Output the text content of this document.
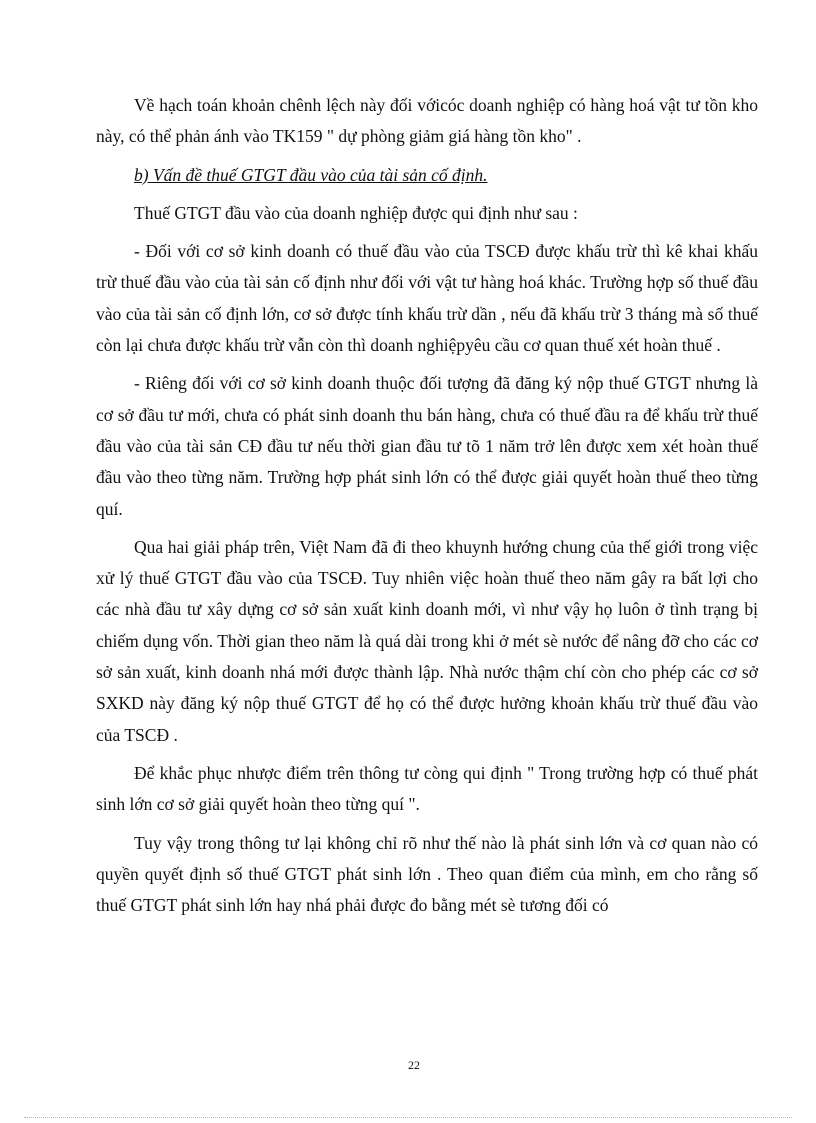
Về hạch toán khoản chênh lệch này đối vớicóc doanh nghiệp có hàng hoá vật tư tồn kho này, có thể phản ánh vào TK159 " dự phòng giảm giá hàng tồn kho" .

b) Vấn đề thuế GTGT đầu vào của tài sản cố định.

Thuế GTGT đầu vào của doanh nghiệp được qui định như sau :

- Đối với cơ sở kinh doanh có thuế đầu vào của TSCĐ được khấu trừ thì kê khai khấu trừ thuế đầu vào của tài sản cố định như đối với vật tư hàng hoá khác. Trường hợp số thuế đầu vào của tài sản cố định lớn, cơ sở được tính khấu trừ dần , nếu đã khấu trừ 3 tháng mà số thuế còn lại chưa được khấu trừ vẫn còn thì doanh nghiệpyêu cầu cơ quan thuế xét hoàn thuế .

- Riêng đối với cơ sở kinh doanh thuộc đối tượng đã đăng ký nộp thuế GTGT nhưng là cơ sở đầu tư mới, chưa có phát sinh doanh thu bán hàng, chưa có thuế đầu ra để khấu trừ thuế đầu vào của tài sản CĐ đầu tư nếu thời gian đầu tư tõ 1 năm trở lên được xem xét hoàn thuế đầu vào theo từng năm. Trường hợp phát sinh lớn có thể được giải quyết hoàn thuế theo từng quí.

Qua hai giải pháp trên, Việt Nam đã đi theo khuynh hướng chung của thế giới trong việc xử lý thuế GTGT đầu vào của TSCĐ. Tuy nhiên việc hoàn thuế theo năm gây ra bất lợi cho các nhà đầu tư xây dựng cơ sở sản xuất kinh doanh mới, vì như vậy họ luôn ở tình trạng bị chiếm dụng vốn. Thời gian theo năm là quá dài trong khi ở mét sè nước để nâng đỡ cho các cơ sở sản xuất, kinh doanh nhá mới được thành lập. Nhà nước thậm chí còn cho phép các cơ sở SXKD này đăng ký nộp thuế GTGT để họ có thể được hưởng khoản khấu trừ thuế đầu vào của TSCĐ .

Để khắc phục nhược điểm trên thông tư còng qui định " Trong trường hợp có thuế phát sinh lớn cơ sở giải quyết hoàn theo từng quí ".

Tuy vậy trong thông tư lại không chỉ rõ như thế nào là phát sinh lớn và cơ quan nào có quyền quyết định số thuế GTGT phát sinh lớn . Theo quan điểm của mình, em cho rằng số thuế GTGT phát sinh lớn hay nhá phải được đo bằng mét sè tương đối có

22
